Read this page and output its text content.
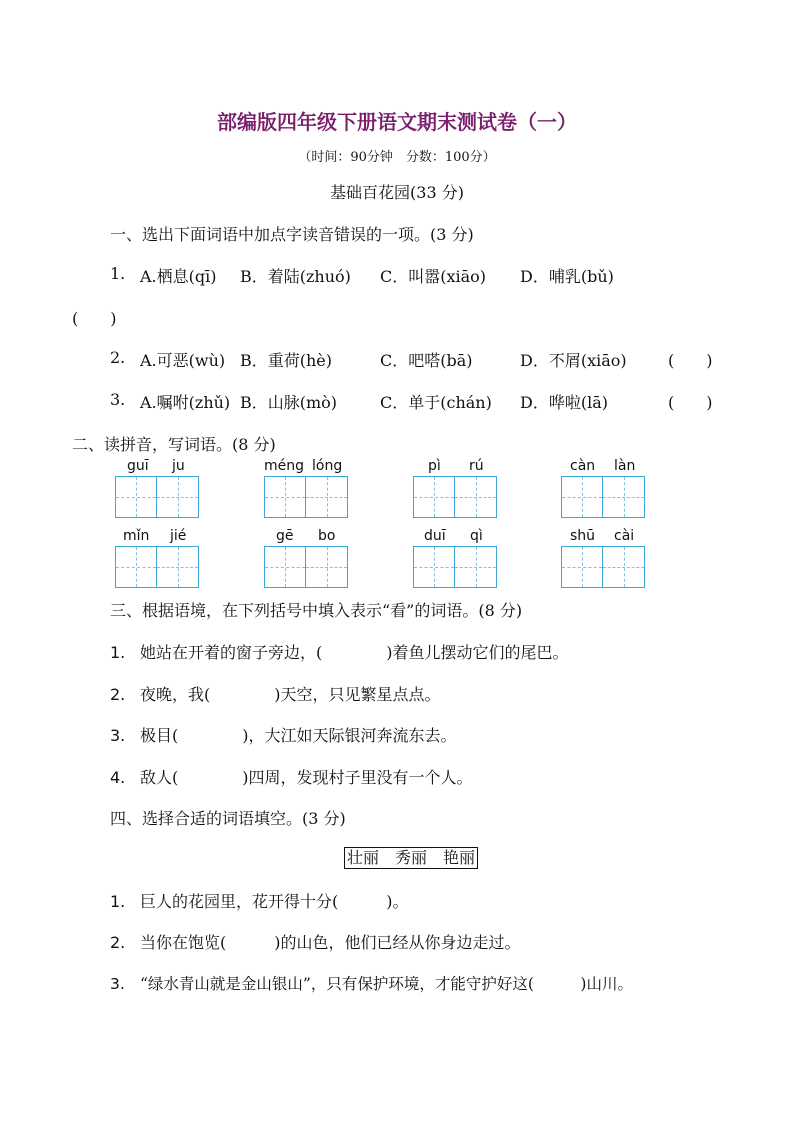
部编版四年级下册语文期末测试卷（一）
（时间：90分钟　分数：100分）
基础百花园(33 分)
一、选出下面词语中加点字读音错误的一项。(3 分)
1. A.栖息(qī) B．着陆(zhuó) C．叫嚣(xiāo) D．哺乳(bǔ)
(　　)
2. A.可恶(wù) B．重荷(hè)	C．吧嗒(bā)	D．不屑(xiāo)	(　　)
3. A.嘱咐(zhǔ) B．山脉(mò)	C．单于(chán) D．哗啦(lā)	(　　)
二、读拼音，写词语。(8 分)
guī ju	méng lóng	pì rú	càn làn
mǐn jié	gē bo	duī qì	shū cài
三、根据语境，在下列括号中填入表示“看”的词语。(8 分)
1. 她站在开着的窗子旁边，(　　　　)着鱼儿摆动它们的尾巴。
2. 夜晚，我(　　　　)天空，只见繁星点点。
3. 极目(　　　　)，大江如天际银河奔流东去。
4. 敌人(　　　　)四周，发现村子里没有一个人。
四、选择合适的词语填空。(3 分)
壮丽　秀丽　艳丽
1. 巨人的花园里，花开得十分(　　　)。
2. 当你在饱览(　　　)的山色，他们已经从你身边走过。
3. “绿水青山就是金山银山”，只有保护环境，才能守护好这(　　　)山川。
